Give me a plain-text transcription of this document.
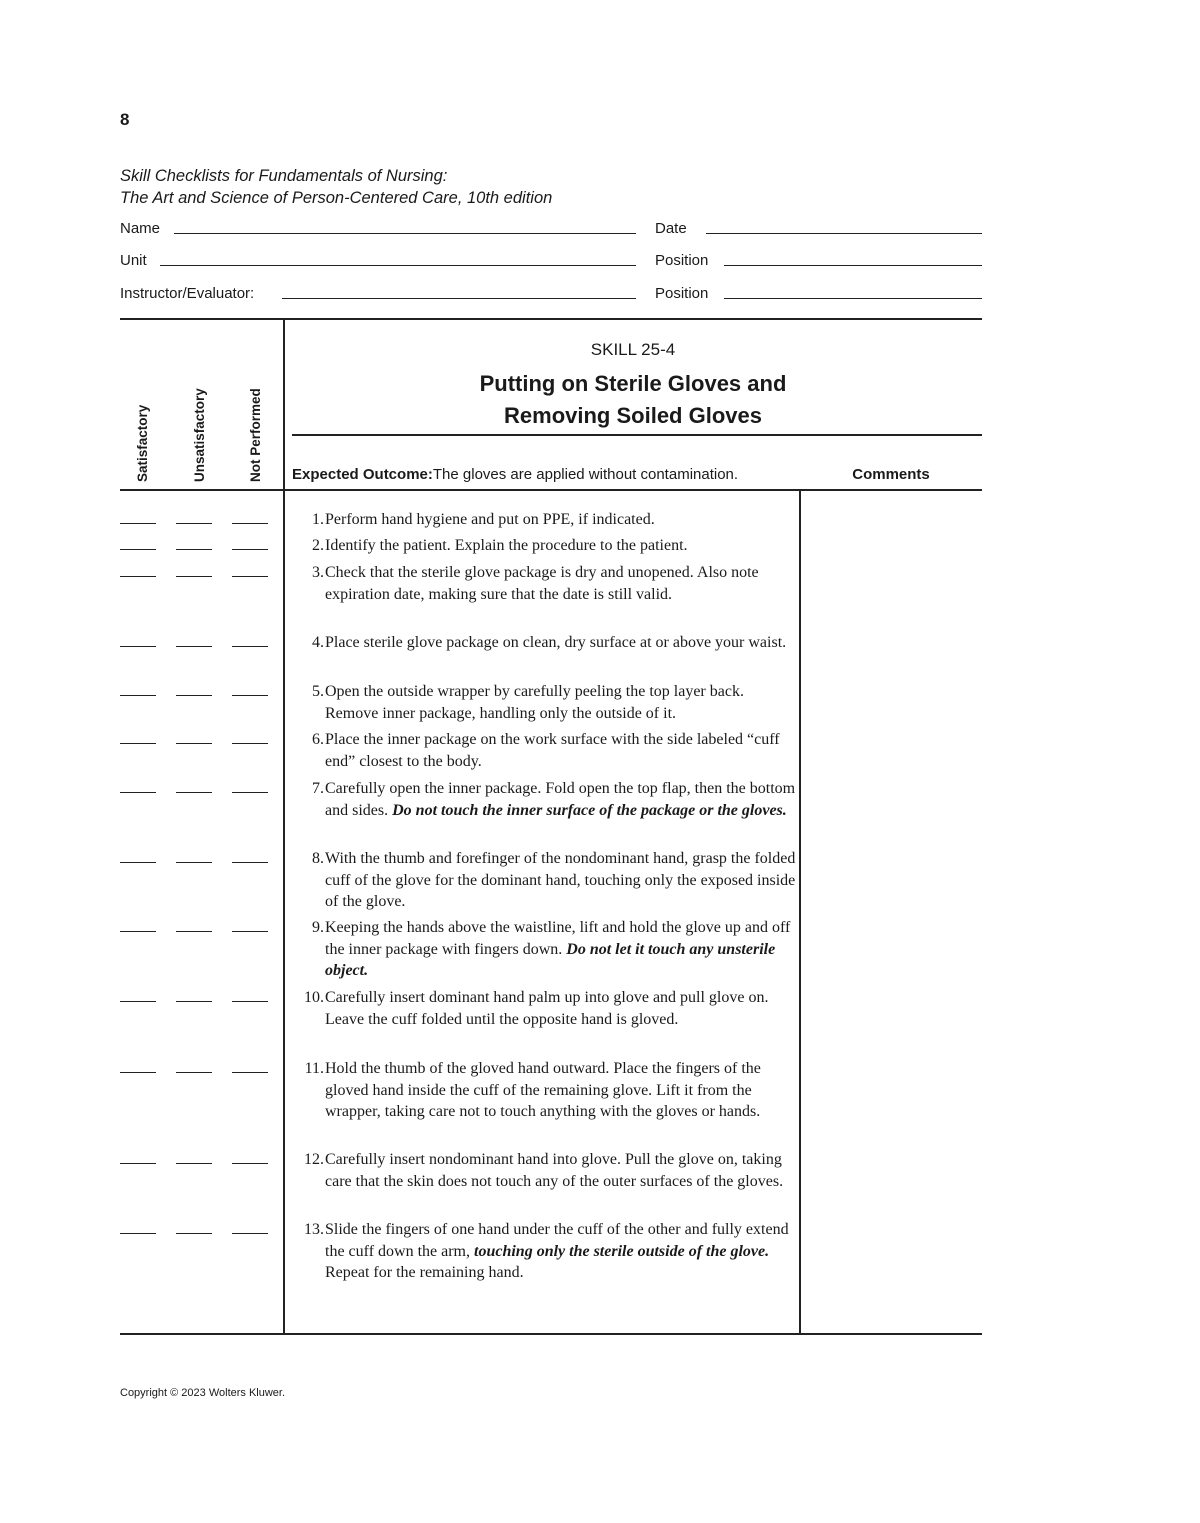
8
Skill Checklists for Fundamentals of Nursing:
The Art and Science of Person-Centered Care, 10th edition
Name	Date
Unit	Position
Instructor/Evaluator:	Position
Satisfactory	Unsatisfactory	Not Performed
SKILL 25-4
Putting on Sterile Gloves and
Removing Soiled Gloves
Expected Outcome:The gloves are applied without contamination.	Comments
1. Perform hand hygiene and put on PPE, if indicated.
2. Identify the patient. Explain the procedure to the patient.
3. Check that the sterile glove package is dry and unopened. Also note expiration date, making sure that the date is still valid.
4. Place sterile glove package on clean, dry surface at or above your waist.
5. Open the outside wrapper by carefully peeling the top layer back. Remove inner package, handling only the outside of it.
6. Place the inner package on the work surface with the side labeled “cuff end” closest to the body.
7. Carefully open the inner package. Fold open the top flap, then the bottom and sides. Do not touch the inner surface of the package or the gloves.
8. With the thumb and forefinger of the nondominant hand, grasp the folded cuff of the glove for the dominant hand, touching only the exposed inside of the glove.
9. Keeping the hands above the waistline, lift and hold the glove up and off the inner package with fingers down. Do not let it touch any unsterile object.
10. Carefully insert dominant hand palm up into glove and pull glove on. Leave the cuff folded until the opposite hand is gloved.
11. Hold the thumb of the gloved hand outward. Place the fingers of the gloved hand inside the cuff of the remaining glove. Lift it from the wrapper, taking care not to touch anything with the gloves or hands.
12. Carefully insert nondominant hand into glove. Pull the glove on, taking care that the skin does not touch any of the outer surfaces of the gloves.
13. Slide the fingers of one hand under the cuff of the other and fully extend the cuff down the arm, touching only the sterile outside of the glove. Repeat for the remaining hand.
Copyright © 2023 Wolters Kluwer.
